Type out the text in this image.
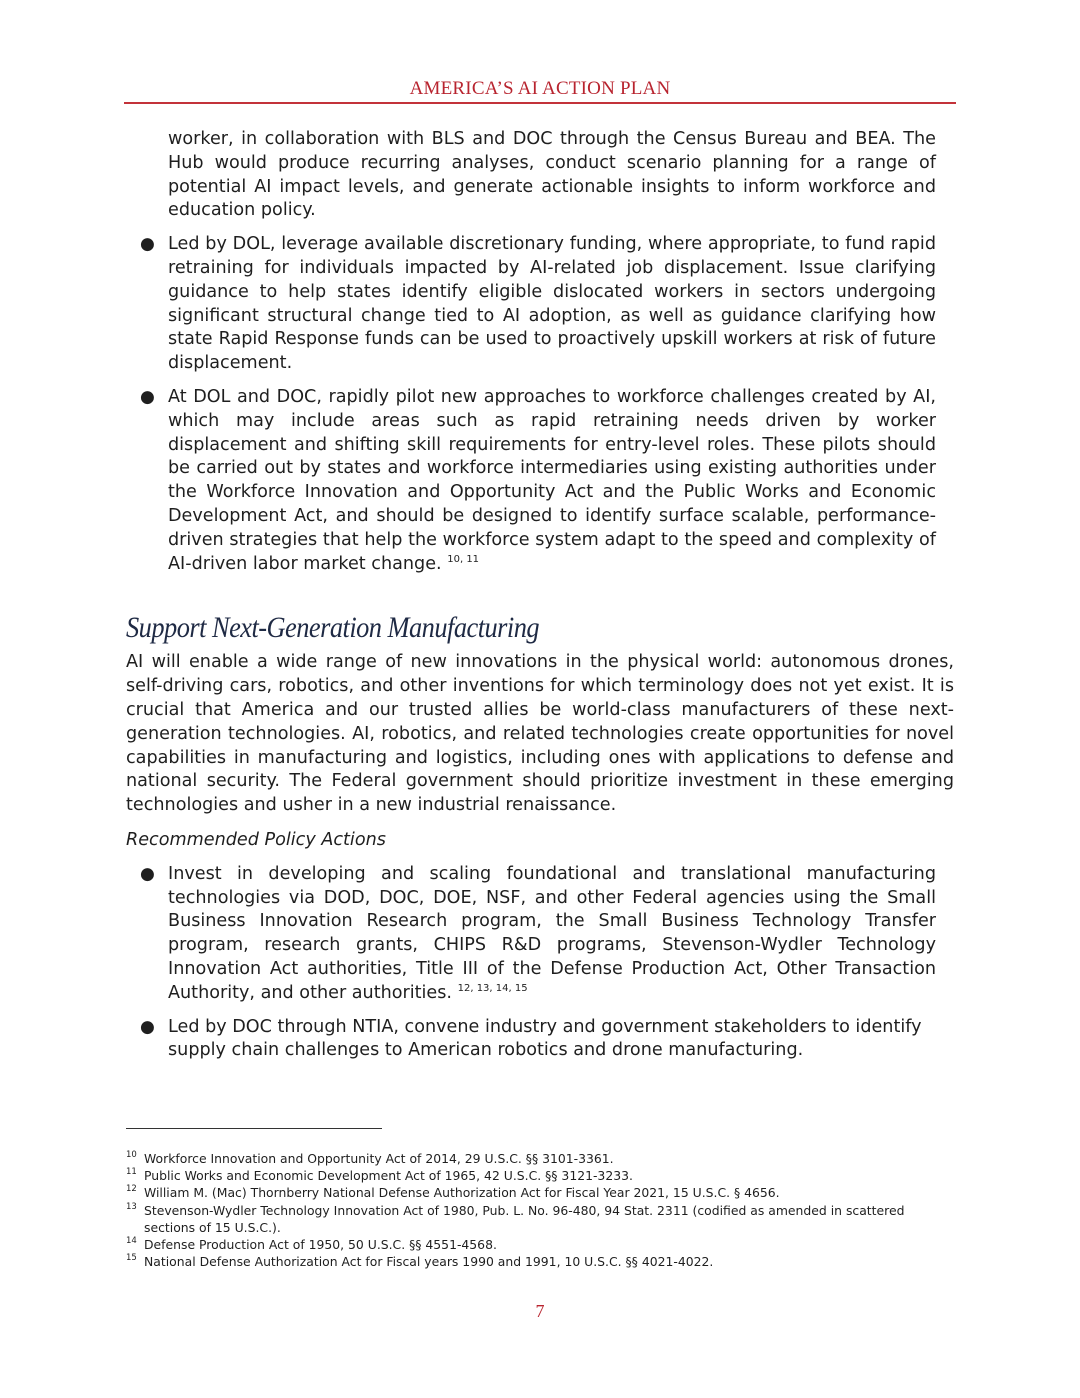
AMERICA’S AI ACTION PLAN

worker, in collaboration with BLS and DOC through the Census Bureau and BEA. The Hub would produce recurring analyses, conduct scenario planning for a range of potential AI impact levels, and generate actionable insights to inform workforce and education policy.

● Led by DOL, leverage available discretionary funding, where appropriate, to fund rapid retraining for individuals impacted by AI-related job displacement. Issue clarifying guidance to help states identify eligible dislocated workers in sectors undergoing significant structural change tied to AI adoption, as well as guidance clarifying how state Rapid Response funds can be used to proactively upskill workers at risk of future displacement.
● At DOL and DOC, rapidly pilot new approaches to workforce challenges created by AI, which may include areas such as rapid retraining needs driven by worker displacement and shifting skill requirements for entry-level roles. These pilots should be carried out by states and workforce intermediaries using existing authorities under the Workforce Innovation and Opportunity Act and the Public Works and Economic Development Act, and should be designed to identify surface scalable, performance-driven strategies that help the workforce system adapt to the speed and complexity of AI-driven labor market change. $^{10, 11}$
Support Next-Generation Manufacturing

AI will enable a wide range of new innovations in the physical world: autonomous drones, self-driving cars, robotics, and other inventions for which terminology does not yet exist. It is crucial that America and our trusted allies be world-class manufacturers of these next-generation technologies. AI, robotics, and related technologies create opportunities for novel capabilities in manufacturing and logistics, including ones with applications to defense and national security. The Federal government should prioritize investment in these emerging technologies and usher in a new industrial renaissance.

Recommended Policy Actions

● Invest in developing and scaling foundational and translational manufacturing technologies via DOD, DOC, DOE, NSF, and other Federal agencies using the Small Business Innovation Research program, the Small Business Technology Transfer program, research grants, CHIPS R&D programs, Stevenson-Wydler Technology Innovation Act authorities, Title III of the Defense Production Act, Other Transaction Authority, and other authorities. $^{12, 13, 14, 15}$
● Led by DOC through NTIA, convene industry and government stakeholders to identify supply chain challenges to American robotics and drone manufacturing.
10 Workforce Innovation and Opportunity Act of 2014, 29 U.S.C. §§ 3101-3361.
11 Public Works and Economic Development Act of 1965, 42 U.S.C. §§ 3121-3233.
12 William M. (Mac) Thornberry National Defense Authorization Act for Fiscal Year 2021, 15 U.S.C. § 4656.
13 Stevenson-Wydler Technology Innovation Act of 1980, Pub. L. No. 96-480, 94 Stat. 2311 (codified as amended in scattered sections of 15 U.S.C.).
14 Defense Production Act of 1950, 50 U.S.C. §§ 4551-4568.
15 National Defense Authorization Act for Fiscal years 1990 and 1991, 10 U.S.C. §§ 4021-4022.
7
